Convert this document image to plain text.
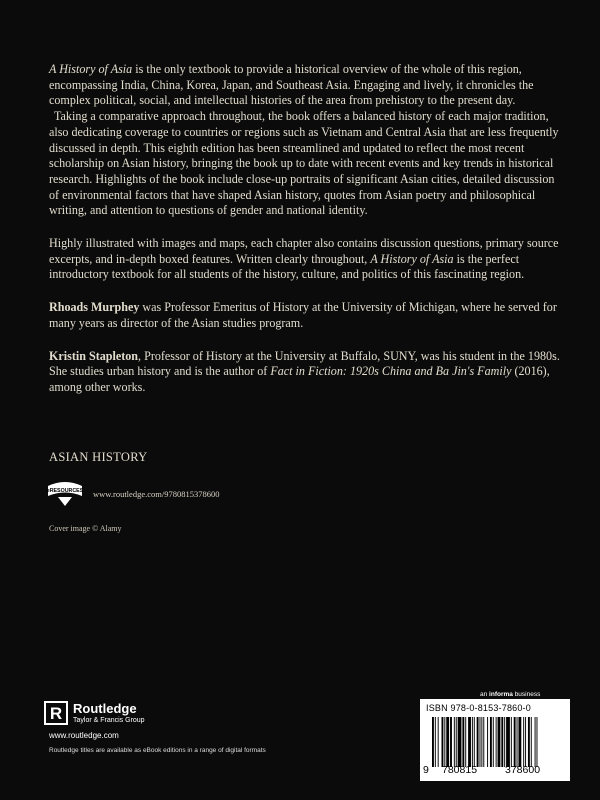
A History of Asia is the only textbook to provide a historical overview of the whole of this region, encompassing India, China, Korea, Japan, and Southeast Asia. Engaging and lively, it chronicles the complex political, social, and intellectual histories of the area from prehistory to the present day.

Taking a comparative approach throughout, the book offers a balanced history of each major tradition, also dedicating coverage to countries or regions such as Vietnam and Central Asia that are less frequently discussed in depth. This eighth edition has been streamlined and updated to reflect the most recent scholarship on Asian history, bringing the book up to date with recent events and key trends in historical research. Highlights of the book include close-up portraits of significant Asian cities, detailed discussion of environmental factors that have shaped Asian history, quotes from Asian poetry and philosophical writing, and attention to questions of gender and national identity.

Highly illustrated with images and maps, each chapter also contains discussion questions, primary source excerpts, and in-depth boxed features. Written clearly throughout, A History of Asia is the perfect introductory textbook for all students of the history, culture, and politics of this fascinating region.

Rhoads Murphey was Professor Emeritus of History at the University of Michigan, where he served for many years as director of the Asian studies program.

Kristin Stapleton, Professor of History at the University at Buffalo, SUNY, was his student in the 1980s. She studies urban history and is the author of Fact in Fiction: 1920s China and Ba Jin's Family (2016), among other works.

ASIAN HISTORY
eRESOURCES www.routledge.com/9780815378600
Cover image © Alamy
an informa business
R Routledge
Taylor & Francis Group
www.routledge.com
Routledge titles are available as eBook editions in a range of digital formats
ISBN 978-0-8153-7860-0
9 780815	378600
